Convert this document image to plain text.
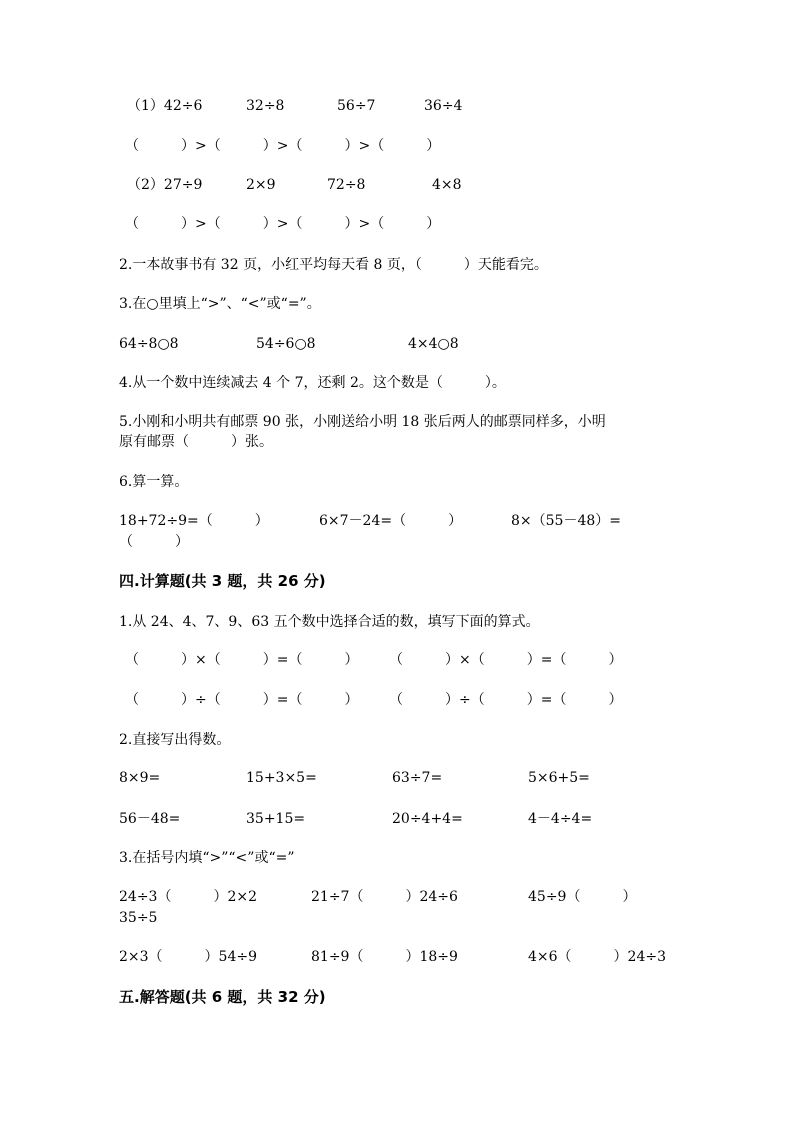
（1）42÷6	32÷8	56÷7	36÷4
（　　　）>（　　　）>（　　　）>（　　　）
（2）27÷9	2×9	72÷8	4×8
（　　　）>（　　　）>（　　　）>（　　　）
2.一本故事书有 32 页，小红平均每天看 8 页，（　　　）天能看完。
3.在○里填上“>”、“<”或“=”。
64÷8○8	54÷6○8	4×4○8
4.从一个数中连续减去 4 个 7，还剩 2。这个数是（　　　）。
5.小刚和小明共有邮票 90 张，小刚送给小明 18 张后两人的邮票同样多，小明
原有邮票（　　　）张。
6.算一算。
18+72÷9=（　　　）	6×7－24=（　　　）	8×（55－48）=
（　　　）
四.计算题(共 3 题，共 26 分)
1.从 24、4、7、9、63 五个数中选择合适的数，填写下面的算式。
（　　　）×（　　　）=（　　　） （　　　）×（　　　）=（　　　）
（　　　）÷（　　　）=（　　　） （　　　）÷（　　　）=（　　　）
2.直接写出得数。
8×9=	15+3×5=	63÷7=	5×6+5=
56－48=	35+15=	20÷4+4=	4－4÷4=
3.在括号内填“>”“<”或“=”
24÷3（　　　）2×2	21÷7（　　　）24÷6	45÷9（　　　）
35÷5
2×3（　　　）54÷9	81÷9（　　　）18÷9	4×6（　　　）24÷3
五.解答题(共 6 题，共 32 分)
